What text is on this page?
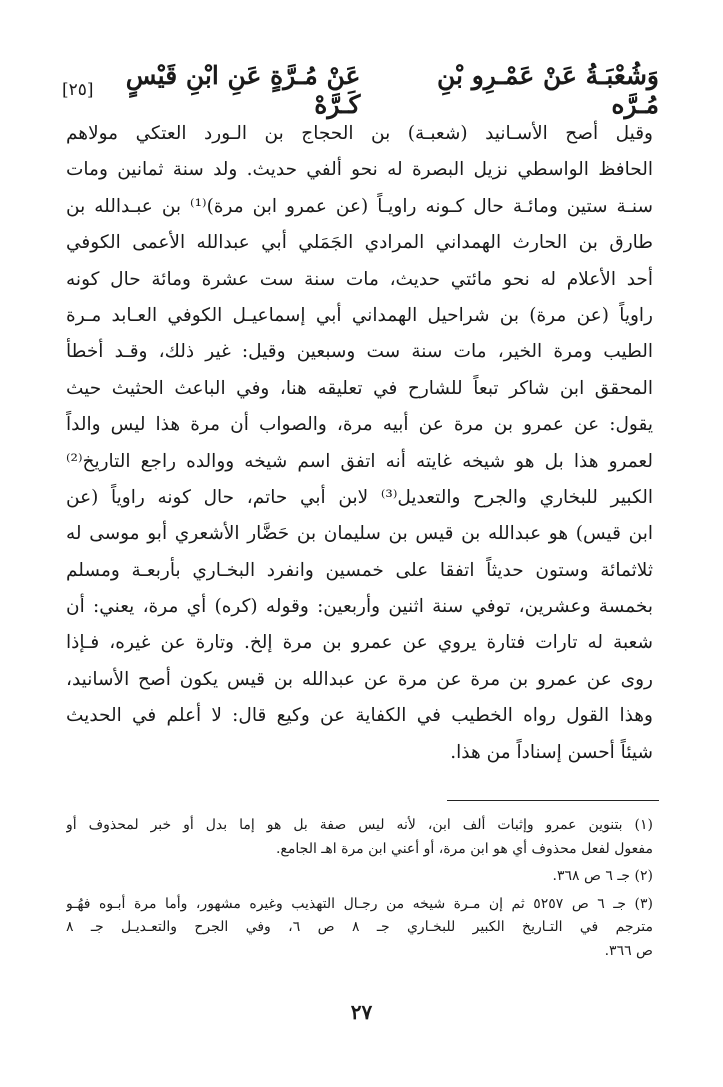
وَشُعْبَـةُ عَنْ عَمْـرِو بْنِ مُـرَّه
عَنْ مُـرَّةٍ عَنِ ابْنِ قَيْسٍ كَـرَّهْ
[٢٥]
وقيل أصح الأسـانيد (شعبـة) بن الحجاج بن الـورد العتكي مولاهم
الحافظ الواسطي نزيل البصرة له نحو ألفي حديث. ولد سنة ثمانين ومات
سنـة ستين ومائـة حال كـونه راويـاً (عن عمرو ابن مرة)⁽¹⁾ بن عبـدالله بن
طارق بن الحارث الهمداني المرادي الجَمَلي أبي عبدالله الأعمى الكوفي
أحد الأعلام له نحو مائتي حديث، مات سنة ست عشرة ومائة حال كونه
راوياً (عن مرة) بن شراحيل الهمداني أبي إسماعيـل الكوفي العـابد مـرة
الطيب ومرة الخير، مات سنة ست وسبعين وقيل: غير ذلك، وقـد أخطأ
المحقق ابن شاكر تبعاً للشارح في تعليقه هنا، وفي الباعث الحثيث حيث
يقول: عن عمرو بن مرة عن أبيه مرة، والصواب أن مرة هذا ليس والداً
لعمرو هذا بل هو شيخه غايته أنه اتفق اسم شيخه ووالده راجع التاريخ⁽²⁾
الكبير للبخاري والجرح والتعديل⁽³⁾ لابن أبي حاتم، حال كونه راوياً (عن
ابن قيس) هو عبدالله بن قيس بن سليمان بن حَضَّار الأشعري أبو موسى له
ثلاثمائة وستون حديثاً اتفقا على خمسين وانفرد البخـاري بأربعـة ومسلم
بخمسة وعشرين، توفي سنة اثنين وأربعين: وقوله (كره) أي مرة، يعني: أن
شعبة له تارات فتارة يروي عن عمرو بن مرة إلخ. وتارة عن غيره، فـإذا
روى عن عمرو بن مرة عن مرة عن عبدالله بن قيس يكون أصح الأسانيد،
وهذا القول رواه الخطيب في الكفاية عن وكيع قال: لا أعلم في الحديث
شيئاً أحسن إسناداً من هذا.
(١) بتنوين عمرو وإثبات ألف ابن، لأنه ليس صفة بل هو إما بدل أو خبر لمحذوف أو
مفعول لفعل محذوف أي هو ابن مرة، أو أعني ابن مرة اهـ الجامع.
(٢) جـ ٦ ص ٣٦٨.
(٣) جـ ٦ ص ٥٢٥٧ ثم إن مـرة شيخه من رجـال التهذيب وغيره مشهور، وأما مرة أبـوه فهُـو
مترجم في التـاريخ الكبير للبخـاري جـ ٨ ص ٦، وفي الجرح والتعـديـل جـ ٨
ص ٣٦٦.
٢٧
